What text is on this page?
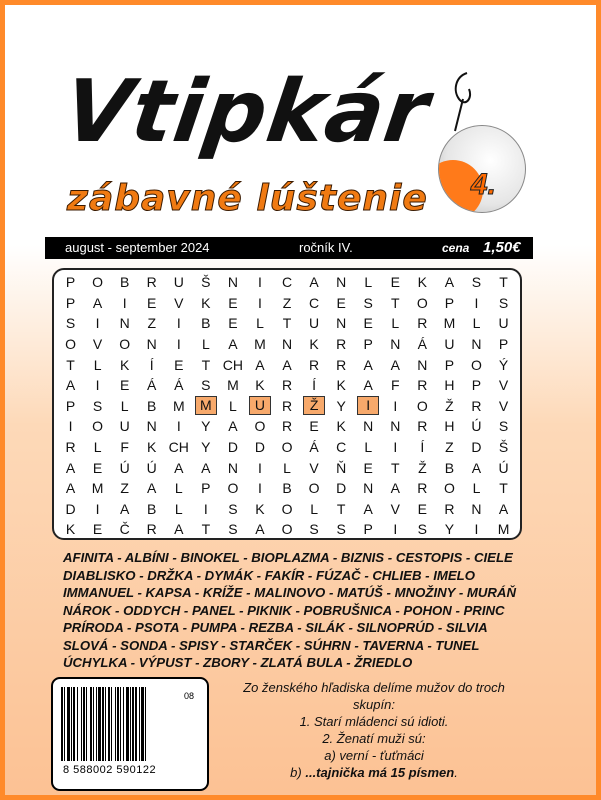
Vtipkár
zábavné lúštenie 4.
august - september 2024	ročník IV.	cena 1,50€
P O B R U Š N I C A N L E K A S T
P A I E V K E I Z C E S T O P I S
S I N Z I B E L T U N E L R M L U
O V O N I L A M N K R P N Á U N P
T L K Í E T CH A A R R A A N P O Ý
A I E Á Á S M K R Í K A F R H P V
P S L B M	M	L	U	R	Ž	Y	I	I O Ž R V
I O U N I Y A O R E K N N R H Ú S
R L F K CH Y D D O Á C L I Í Z D Š
A E Ú Ú A A N I L V Ň E T Ž B A Ú
A M Z A L P O I B O D N A R O L T
D I A B L I S K O L T A V E R N A
K E Č R A T S A O S S P I S Y I M
AFINITA - ALBÍNI - BINOKEL - BIOPLAZMA - BIZNIS - CESTOPIS - CIELE
DIABLISKO - DRŽKA - DYMÁK - FAKÍR - FÚZAČ - CHLIEB - IMELO
IMMANUEL - KAPSA - KRÍŽE - MALINOVO - MATÚŠ - MNOŽINY - MURÁŇ
NÁROK - ODDYCH - PANEL - PIKNIK - POBRUŠNICA - POHON - PRINC
PRÍRODA - PSOTA - PUMPA - REZBA - SILÁK - SILNOPRÚD - SILVIA
SLOVÁ - SONDA - SPISY - STARČEK - SÚHRN - TAVERNA - TUNEL
ÚCHYLKA - VÝPUST - ZBORY - ZLATÁ BULA - ŽRIEDLO
8 588002 590122
08
Zo ženského hľadiska delíme mužov do troch
skupín:
1. Starí mládenci sú idioti.
2. Ženatí muži sú:
a) verní - ťuťmáci
b) ...tajnička má 15 písmen.
